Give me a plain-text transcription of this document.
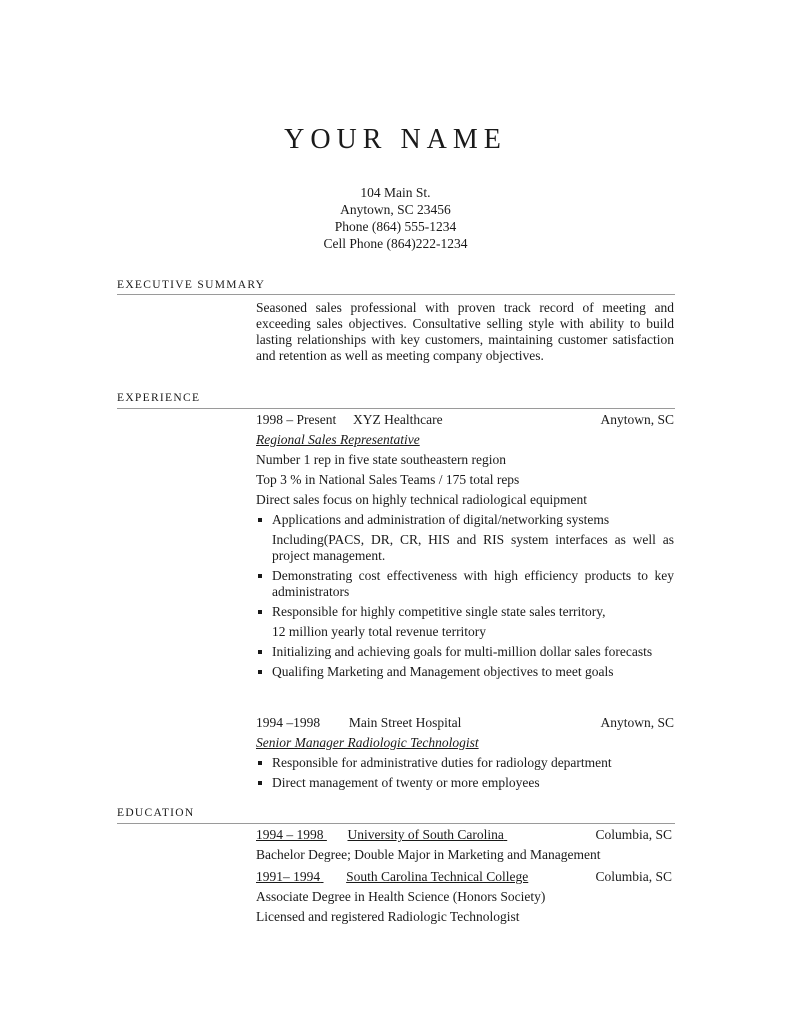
YOUR NAME
104 Main St.
Anytown, SC 23456
Phone (864) 555-1234
Cell Phone (864)222-1234
EXECUTIVE SUMMARY
Seasoned sales professional with proven track record of meeting and exceeding sales objectives. Consultative selling style with ability to build lasting relationships with key customers, maintaining customer satisfaction and retention as well as meeting company objectives.
EXPERIENCE
1998 – Present XYZ Healthcare	Anytown, SC
Regional Sales Representative
Number 1 rep in five state southeastern region
Top 3 % in National Sales Teams / 175 total reps
Direct sales focus on highly technical radiological equipment
Applications and administration of digital/networking systems
Including(PACS, DR, CR, HIS and RIS system interfaces as well as project management.
Demonstrating cost effectiveness with high efficiency products to key administrators
Responsible for highly competitive single state sales territory,
12 million yearly total revenue territory
Initializing and achieving goals for multi-million dollar sales forecasts
Qualifing Marketing and Management objectives to meet goals
1994 –1998 Main Street Hospital	Anytown, SC
Senior Manager Radiologic Technologist
Responsible for administrative duties for radiology department
Direct management of twenty or more employees
EDUCATION
1994 – 1998 University of South Carolina	Columbia, SC
Bachelor Degree; Double Major in Marketing and Management
1991– 1994 South Carolina Technical College	Columbia, SC
Associate Degree in Health Science (Honors Society)
Licensed and registered Radiologic Technologist
